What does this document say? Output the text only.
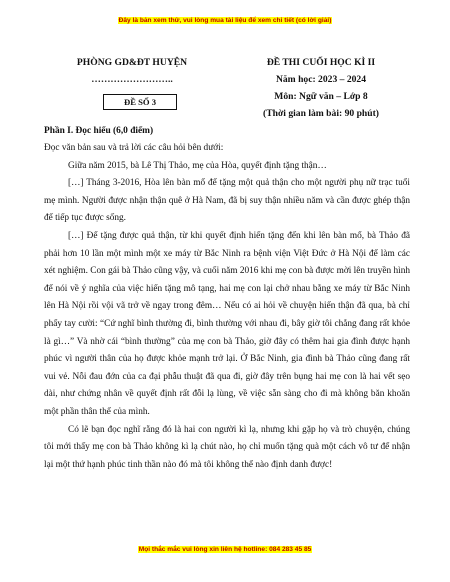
Đây là bản xem thử, vui lòng mua tài liệu để xem chi tiết (có lời giải)
PHÒNG GD&ĐT HUYỆN
……………………..
ĐỀ SỐ 3
ĐỀ THI CUỐI HỌC KÌ II
Năm học: 2023 – 2024
Môn: Ngữ văn – Lớp 8
(Thời gian làm bài: 90 phút)
Phần I. Đọc hiểu (6,0 điểm)

Đọc văn bản sau và trả lời các câu hỏi bên dưới:

Giữa năm 2015, bà Lê Thị Thảo, mẹ của Hòa, quyết định tặng thận…

[…] Tháng 3-2016, Hòa lên bàn mổ để tặng một quả thận cho một người phụ nữ trạc tuổi mẹ mình. Người được nhận thận quê ở Hà Nam, đã bị suy thận nhiều năm và cần được ghép thận để tiếp tục được sống.

[…] Để tặng được quả thận, từ khi quyết định hiến tặng đến khi lên bàn mổ, bà Thảo đã phải hơn 10 lần một mình một xe máy từ Bắc Ninh ra bệnh viện Việt Đức ở Hà Nội để làm các xét nghiệm. Con gái bà Thảo cũng vậy, và cuối năm 2016 khi mẹ con bà được mời lên truyền hình để nói về ý nghĩa của việc hiến tặng mô tạng, hai mẹ con lại chở nhau bằng xe máy từ Bắc Ninh lên Hà Nội rồi vội vã trở về ngay trong đêm… Nếu có ai hỏi về chuyện hiến thận đã qua, bà chỉ phẩy tay cười: “Cứ nghĩ bình thường đi, bình thường với nhau đi, bây giờ tôi chẳng đang rất khỏe là gì…” Và nhờ cái “bình thường” của mẹ con bà Thảo, giờ đây có thêm hai gia đình được hạnh phúc vì người thân của họ được khỏe mạnh trở lại. Ở Bắc Ninh, gia đình bà Thảo cũng đang rất vui vẻ. Nỗi đau đớn của ca đại phẫu thuật đã qua đi, giờ đây trên bụng hai mẹ con là hai vết sẹo dài, như chứng nhân về quyết định rất đỗi lạ lùng, về việc sẵn sàng cho đi mà không băn khoăn một phần thân thể của mình.

Có lẽ bạn đọc nghĩ rằng đó là hai con người kì lạ, nhưng khi gặp họ và trò chuyện, chúng tôi mới thấy mẹ con bà Thảo không kì lạ chút nào, họ chỉ muốn tặng quà một cách vô tư để nhận lại một thứ hạnh phúc tinh thần nào đó mà tôi không thể nào định danh được!

Mọi thắc mắc vui lòng xin liên hệ hotline: 084 283 45 85
